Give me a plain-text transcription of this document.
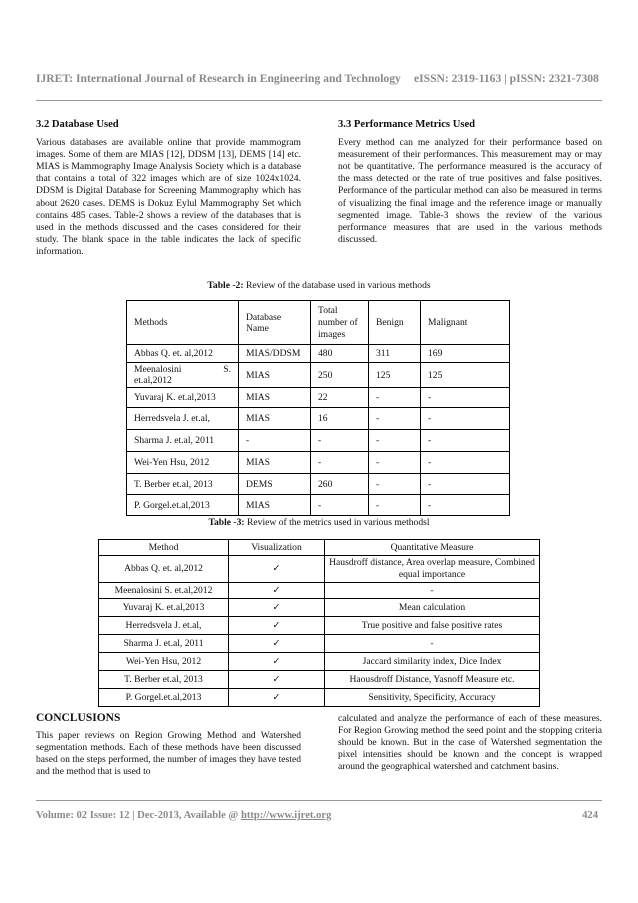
IJRET: International Journal of Research in Engineering and Technology eISSN: 2319-1163 | pISSN: 2321-7308
3.2 Database Used

Various databases are available online that provide mammogram images. Some of them are MIAS [12], DDSM [13], DEMS [14] etc. MIAS is Mammography Image Analysis Society which is a database that contains a total of 322 images which are of size 1024x1024. DDSM is Digital Database for Screening Mammography which has about 2620 cases. DEMS is Dokuz Eylul Mammography Set which contains 485 cases. Table-2 shows a review of the databases that is used in the methods discussed and the cases considered for their study. The blank space in the table indicates the lack of specific information.

3.3 Performance Metrics Used

Every method can me analyzed for their performance based on measurement of their performances. This measurement may or may not be quantitative. The performance measured is the accuracy of the mass detected or the rate of true positives and false positives. Performance of the particular method can also be measured in terms of visualizing the final image and the reference image or manually segmented image. Table-3 shows the review of the various performance measures that are used in the various methods discussed.

Table -2: Review of the database used in various methods
Methods	Database Name	Total number of images	Benign	Malignant
Abbas Q. et. al,2012	MIAS/DDSM	480	311	169
Meenalosini S. et.al,2012	MIAS	250	125	125
Yuvaraj K. et.al,2013	MIAS	22	-	-
Herredsvela J. et.al,	MIAS	16	-	-
Sharma J. et.al, 2011	-	-	-	-
Wei-Yen Hsu, 2012	MIAS	-	-	-
T. Berber et.al, 2013	DEMS	260	-	-
P. Gorgel.et.al,2013	MIAS	-	-	-
Table -3: Review of the metrics used in various methodsl
Method	Visualization	Quantitative Measure
Abbas Q. et. al,2012	✓	Hausdroff distance, Area overlap measure, Combined equal importance
Meenalosini S. et.al,2012	✓	-
Yuvaraj K. et.al,2013	✓	Mean calculation
Herredsvela J. et.al,	✓	True positive and false positive rates
Sharma J. et.al, 2011	✓	-
Wei-Yen Hsu, 2012	✓	Jaccard similarity index, Dice Index
T. Berber et.al, 2013	✓	Haousdroff Distance, Yasnoff Measure etc.
P. Gorgel.et.al,2013	✓	Sensitivity, Specificity, Accuracy
CONCLUSIONS

This paper reviews on Region Growing Method and Watershed segmentation methods. Each of these methods have been discussed based on the steps performed, the number of images they have tested and the method that is used to

calculated and analyze the performance of each of these measures. For Region Growing method the seed point and the stopping criteria should be known. But in the case of Watershed segmentation the pixel intensities should be known and the concept is wrapped around the geographical watershed and catchment basins.

Volume: 02 Issue: 12 | Dec-2013, Available @ http://www.ijret.org	424
